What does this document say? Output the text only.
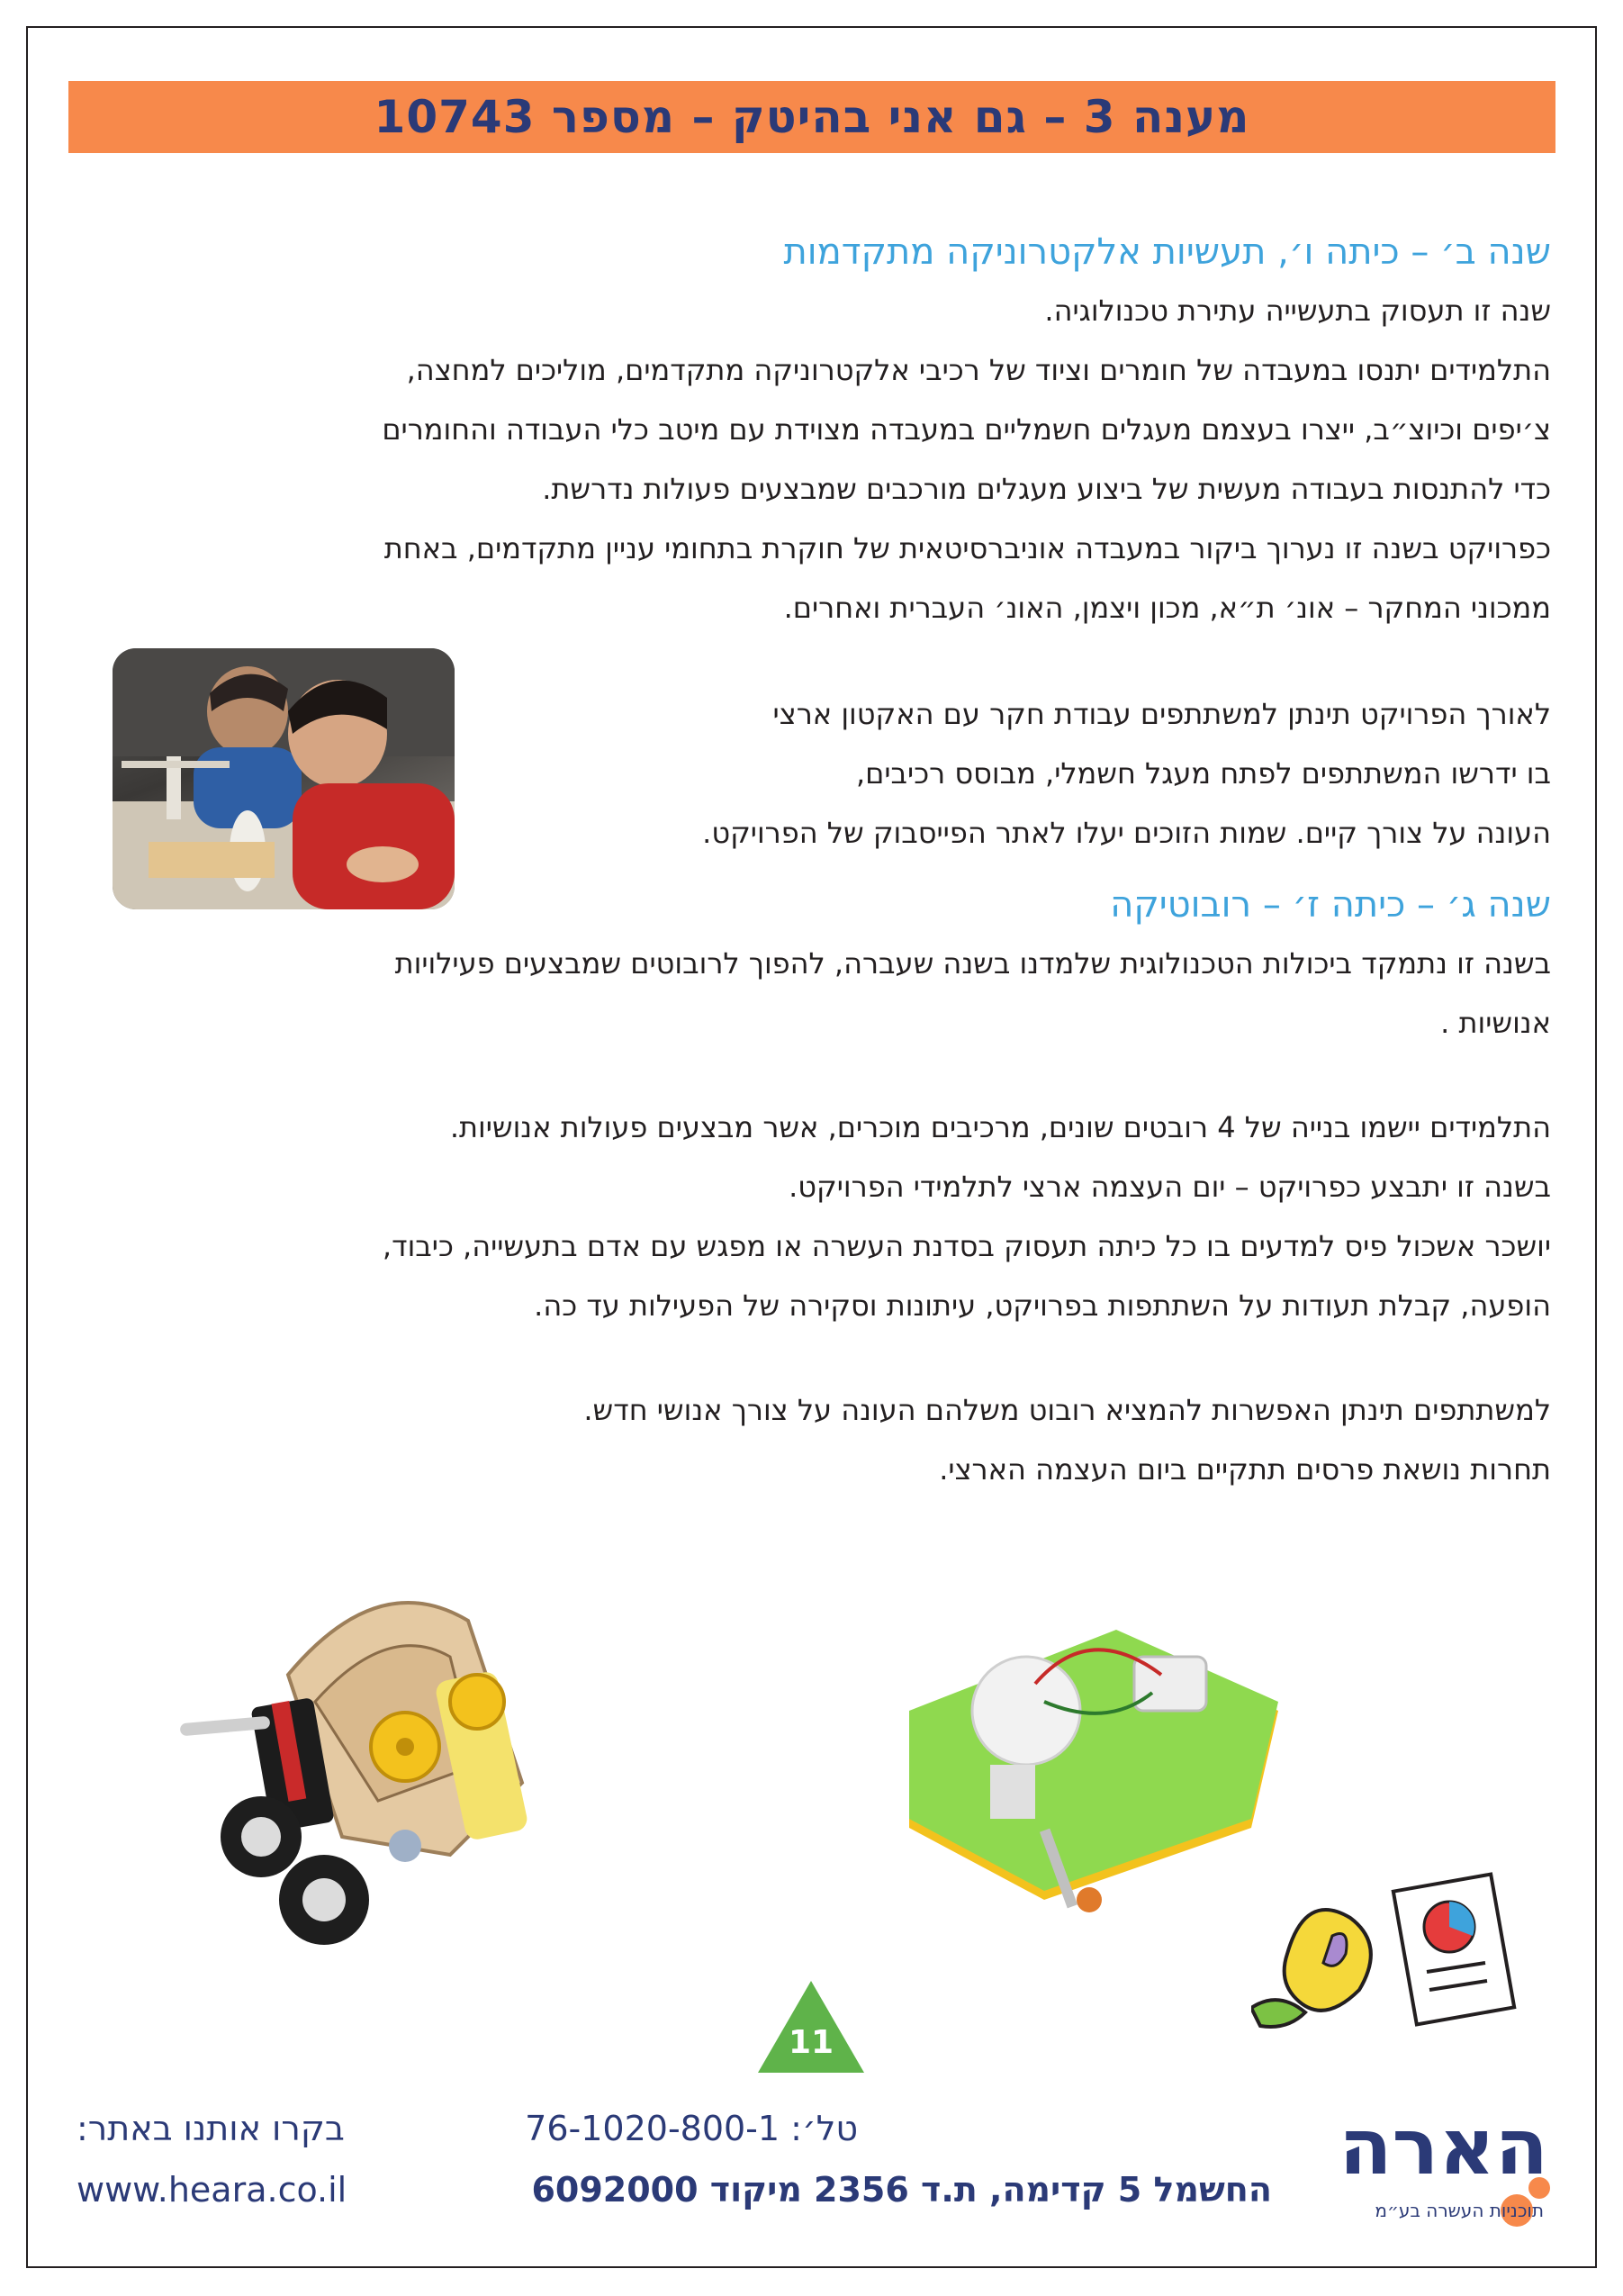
מענה 3 – גם אני בהיטק – מספר 10743
שנה ב׳ – כיתה ו׳, תעשיות אלקטרוניקה מתקדמות

שנה זו תעסוק בתעשייה עתירת טכנולוגיה.

התלמידים יתנסו במעבדה של חומרים וציוד של רכיבי אלקטרוניקה מתקדמים, מוליכים למחצה,
צ׳יפים וכיוצ״ב, ייצרו בעצמם מעגלים חשמליים במעבדה מצוידת עם מיטב כלי העבודה והחומרים
כדי להתנסות בעבודה מעשית של ביצוע מעגלים מורכבים שמבצעים פעולות נדרשת.

כפרויקט בשנה זו נערוך ביקור במעבדה אוניברסיטאית של חוקרת בתחומי עניין מתקדמים, באחת
ממכוני המחקר – אונ׳ ת״א, מכון ויצמן, האונ׳ העברית ואחרים.

לאורך הפרויקט תינתן למשתתפים עבודת חקר עם האקטון ארצי
בו ידרשו המשתתפים לפתח מעגל חשמלי, מבוסס רכיבים,
העונה על צורך קיים. שמות הזוכים יעלו לאתר הפייסבוק של הפרויקט.

שנה ג׳ – כיתה ז׳ – רובוטיקה

בשנה זו נתמקד ביכולות הטכנולוגית שלמדנו בשנה שעברה, להפוך לרובוטים שמבצעים פעילויות
אנושיות .

התלמידים יישמו בנייה של 4 רובטים שונים, מרכיבים מוכרים, אשר מבצעים פעולות אנושיות.
בשנה זו יתבצע כפרויקט – יום העצמה ארצי לתלמידי הפרויקט.
יושכר אשכול פיס למדעים בו כל כיתה תעסוק בסדנת העשרה או מפגש עם אדם בתעשייה, כיבוד,
הופעה, קבלת תעודות על השתתפות בפרויקט, עיתונות וסקירה של הפעילות עד כה.

למשתתפים תינתן האפשרות להמציא רובוט משלהם העונה על צורך אנושי חדש.
תחרות נושאת פרסים תתקיים ביום העצמה הארצי.

11
טל׳: 76-1020-800-1
החשמל 5 קדימה, ת.ד 2356 מיקוד 6092000
בקרו אותנו באתר:
www.heara.co.il	הארה
תוכניות העשרה בע״מ
